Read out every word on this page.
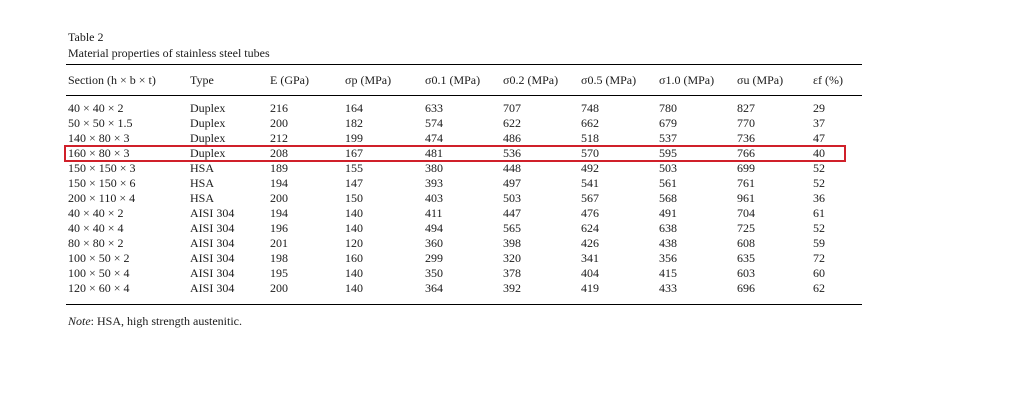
Table 2
Material properties of stainless steel tubes
Section (h × b × t)	Type	E (GPa)	σp (MPa)	σ0.1 (MPa)	σ0.2 (MPa)	σ0.5 (MPa)	σ1.0 (MPa)	σu (MPa)	εf (%)
40 × 40 × 2	Duplex	216	164	633	707	748	780	827	29
50 × 50 × 1.5	Duplex	200	182	574	622	662	679	770	37
140 × 80 × 3	Duplex	212	199	474	486	518	537	736	47
160 × 80 × 3	Duplex	208	167	481	536	570	595	766	40
150 × 150 × 3	HSA	189	155	380	448	492	503	699	52
150 × 150 × 6	HSA	194	147	393	497	541	561	761	52
200 × 110 × 4	HSA	200	150	403	503	567	568	961	36
40 × 40 × 2	AISI 304	194	140	411	447	476	491	704	61
40 × 40 × 4	AISI 304	196	140	494	565	624	638	725	52
80 × 80 × 2	AISI 304	201	120	360	398	426	438	608	59
100 × 50 × 2	AISI 304	198	160	299	320	341	356	635	72
100 × 50 × 4	AISI 304	195	140	350	378	404	415	603	60
120 × 60 × 4	AISI 304	200	140	364	392	419	433	696	62
Note: HSA, high strength austenitic.
